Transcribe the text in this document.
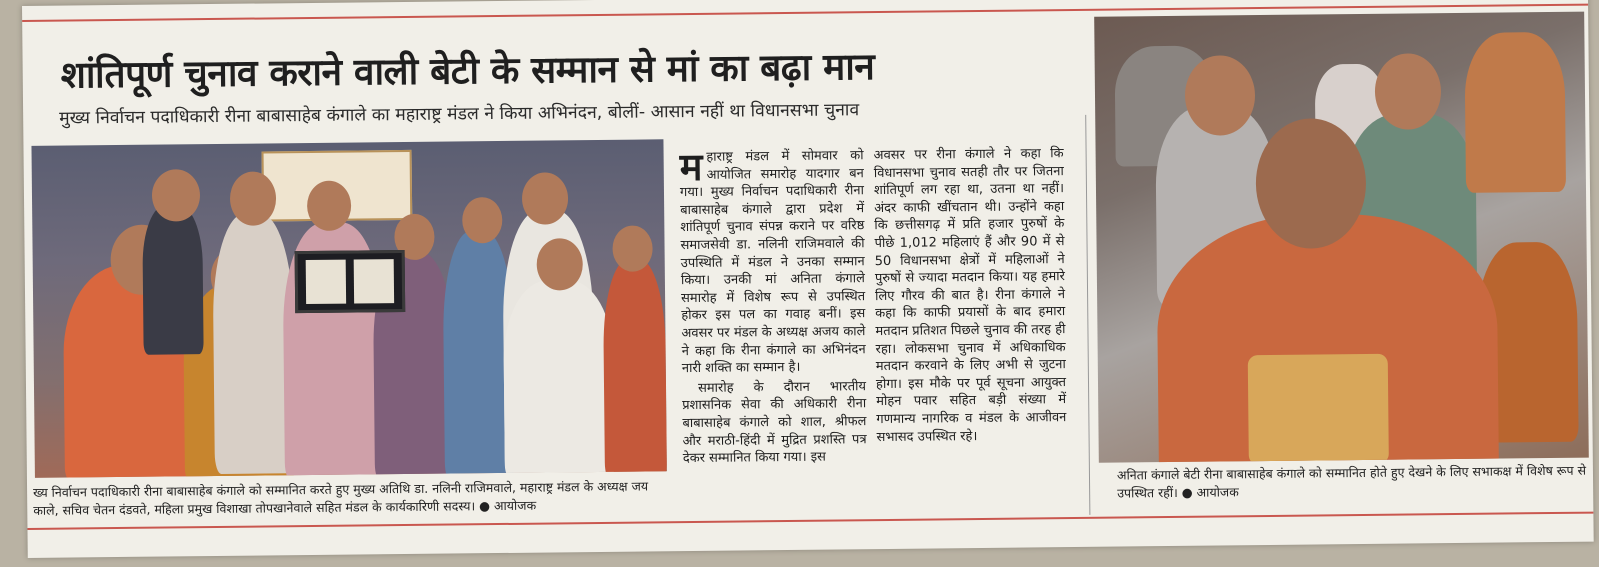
शांतिपूर्ण चुनाव कराने वाली बेटी के सम्मान से मां का बढ़ा मान
मुख्य निर्वाचन पदाधिकारी रीना बाबासाहेब कंगाले का महाराष्ट्र मंडल ने किया अभिनंदन, बोलीं- आसान नहीं था विधानसभा चुनाव
ख्य निर्वाचन पदाधिकारी रीना बाबासाहेब कंगाले को सम्मानित करते हुए मुख्य अतिथि डा. नलिनी राजिमवाले, महाराष्ट्र मंडल के अध्यक्ष जय काले, सचिव चेतन दंडवते, महिला प्रमुख विशाखा तोपखानेवाले सहित मंडल के कार्यकारिणी सदस्य। ● आयोजक

महाराष्ट्र मंडल में सोमवार को आयोजित समारोह यादगार बन गया। मुख्य निर्वाचन पदाधिकारी रीना बाबासाहेब कंगाले द्वारा प्रदेश में शांतिपूर्ण चुनाव संपन्न कराने पर वरिष्ठ समाजसेवी डा. नलिनी राजिमवाले की उपस्थिति में मंडल ने उनका सम्मान किया। उनकी मां अनिता कंगाले समारोह में विशेष रूप से उपस्थित होकर इस पल का गवाह बनीं। इस अवसर पर मंडल के अध्यक्ष अजय काले ने कहा कि रीना कंगाले का अभिनंदन नारी शक्ति का सम्मान है।

समारोह के दौरान भारतीय प्रशासनिक सेवा की अधिकारी रीना बाबासाहेब कंगाले को शाल, श्रीफल और मराठी-हिंदी में मुद्रित प्रशस्ति पत्र देकर सम्मानित किया गया। इस

अवसर पर रीना कंगाले ने कहा कि विधानसभा चुनाव सतही तौर पर जितना शांतिपूर्ण लग रहा था, उतना था नहीं। अंदर काफी खींचतान थी। उन्होंने कहा कि छत्तीसगढ़ में प्रति हजार पुरुषों के पीछे 1,012 महिलाएं हैं और 90 में से 50 विधानसभा क्षेत्रों में महिलाओं ने पुरुषों से ज्यादा मतदान किया। यह हमारे लिए गौरव की बात है। रीना कंगाले ने कहा कि काफी प्रयासों के बाद हमारा मतदान प्रतिशत पिछले चुनाव की तरह ही रहा। लोकसभा चुनाव में अधिकाधिक मतदान करवाने के लिए अभी से जुटना होगा। इस मौके पर पूर्व सूचना आयुक्त मोहन पवार सहित बड़ी संख्या में गणमान्य नागरिक व मंडल के आजीवन सभासद उपस्थित रहे।

अनिता कंगाले बेटी रीना बाबासाहेब कंगाले को सम्मानित होते हुए देखने के लिए सभाकक्ष में विशेष रूप से उपस्थित रहीं। ● आयोजक
